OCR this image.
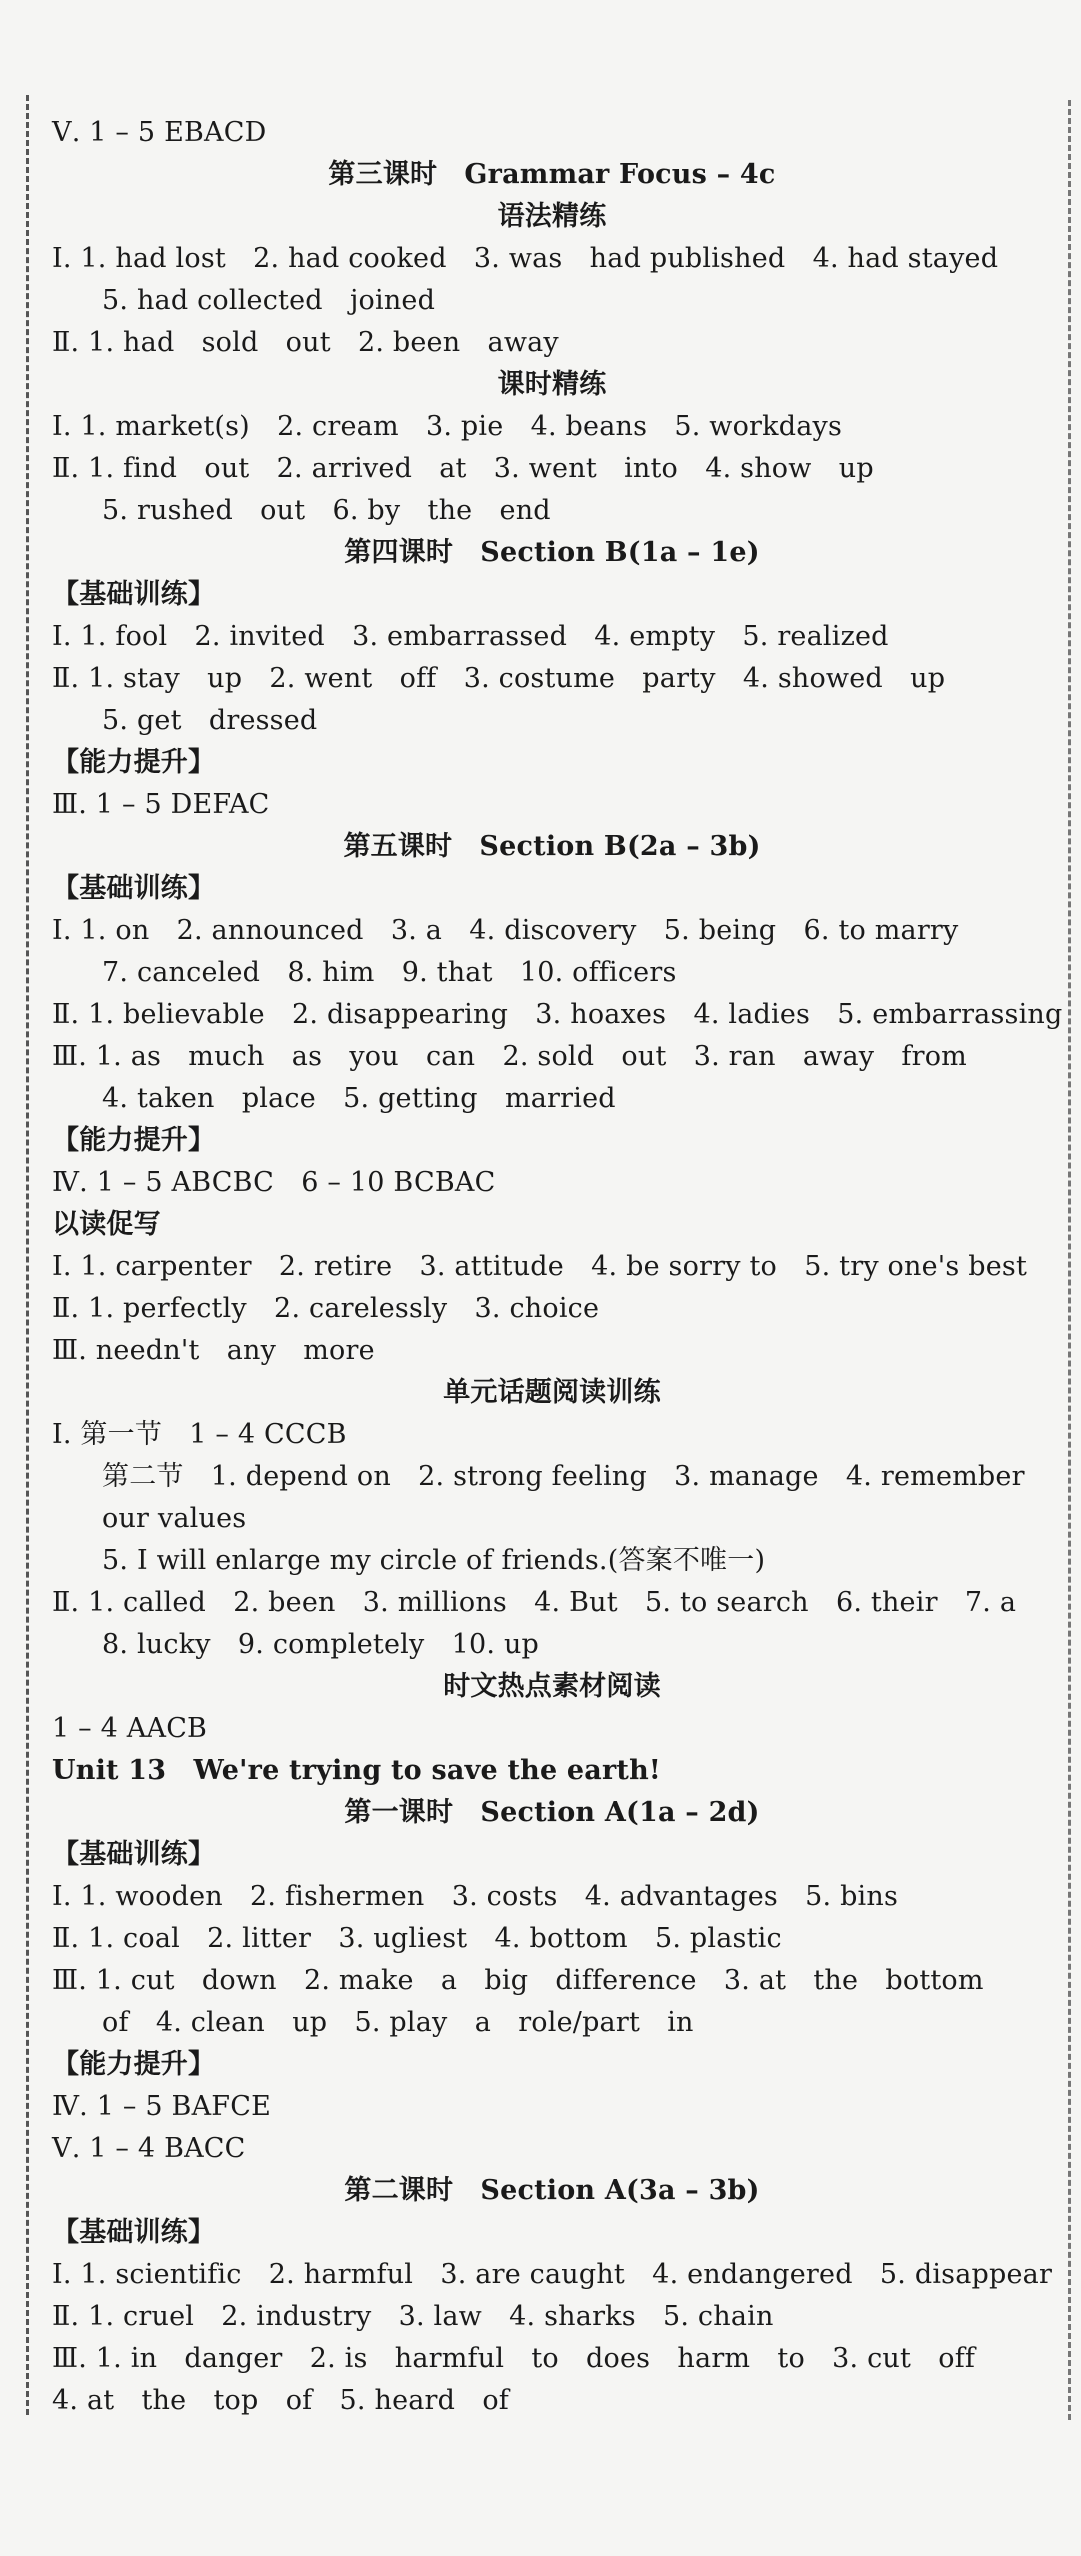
Ⅴ. 1 – 5 EBACD
第三课时　Grammar Focus – 4c
语法精练
Ⅰ. 1. had lost　2. had cooked　3. was　had published　4. had stayed
5. had collected　joined
Ⅱ. 1. had　sold　out　2. been　away
课时精练
Ⅰ. 1. market(s)　2. cream　3. pie　4. beans　5. workdays
Ⅱ. 1. find　out　2. arrived　at　3. went　into　4. show　up
5. rushed　out　6. by　the　end
第四课时　Section B(1a – 1e)
【基础训练】
Ⅰ. 1. fool　2. invited　3. embarrassed　4. empty　5. realized
Ⅱ. 1. stay　up　2. went　off　3. costume　party　4. showed　up
5. get　dressed
【能力提升】
Ⅲ. 1 – 5 DEFAC
第五课时　Section B(2a – 3b)
【基础训练】
Ⅰ. 1. on　2. announced　3. a　4. discovery　5. being　6. to marry
7. canceled　8. him　9. that　10. officers
Ⅱ. 1. believable　2. disappearing　3. hoaxes　4. ladies　5. embarrassing
Ⅲ. 1. as　much　as　you　can　2. sold　out　3. ran　away　from
4. taken　place　5. getting　married
【能力提升】
Ⅳ. 1 – 5 ABCBC　6 – 10 BCBAC
以读促写
Ⅰ. 1. carpenter　2. retire　3. attitude　4. be sorry to　5. try one's best
Ⅱ. 1. perfectly　2. carelessly　3. choice
Ⅲ. needn't　any　more
单元话题阅读训练
Ⅰ. 第一节　1 – 4 CCCB
第二节　1. depend on　2. strong feeling　3. manage　4. remember
our values
5. I will enlarge my circle of friends.(答案不唯一)
Ⅱ. 1. called　2. been　3. millions　4. But　5. to search　6. their　7. a
8. lucky　9. completely　10. up
时文热点素材阅读
1 – 4 AACB
Unit 13　We're trying to save the earth!
第一课时　Section A(1a – 2d)
【基础训练】
Ⅰ. 1. wooden　2. fishermen　3. costs　4. advantages　5. bins
Ⅱ. 1. coal　2. litter　3. ugliest　4. bottom　5. plastic
Ⅲ. 1. cut　down　2. make　a　big　difference　3. at　the　bottom
of　4. clean　up　5. play　a　role/part　in
【能力提升】
Ⅳ. 1 – 5 BAFCE
Ⅴ. 1 – 4 BACC
第二课时　Section A(3a – 3b)
【基础训练】
Ⅰ. 1. scientific　2. harmful　3. are caught　4. endangered　5. disappear
Ⅱ. 1. cruel　2. industry　3. law　4. sharks　5. chain
Ⅲ. 1. in　danger　2. is　harmful　to　does　harm　to　3. cut　off
4. at　the　top　of　5. heard　of
